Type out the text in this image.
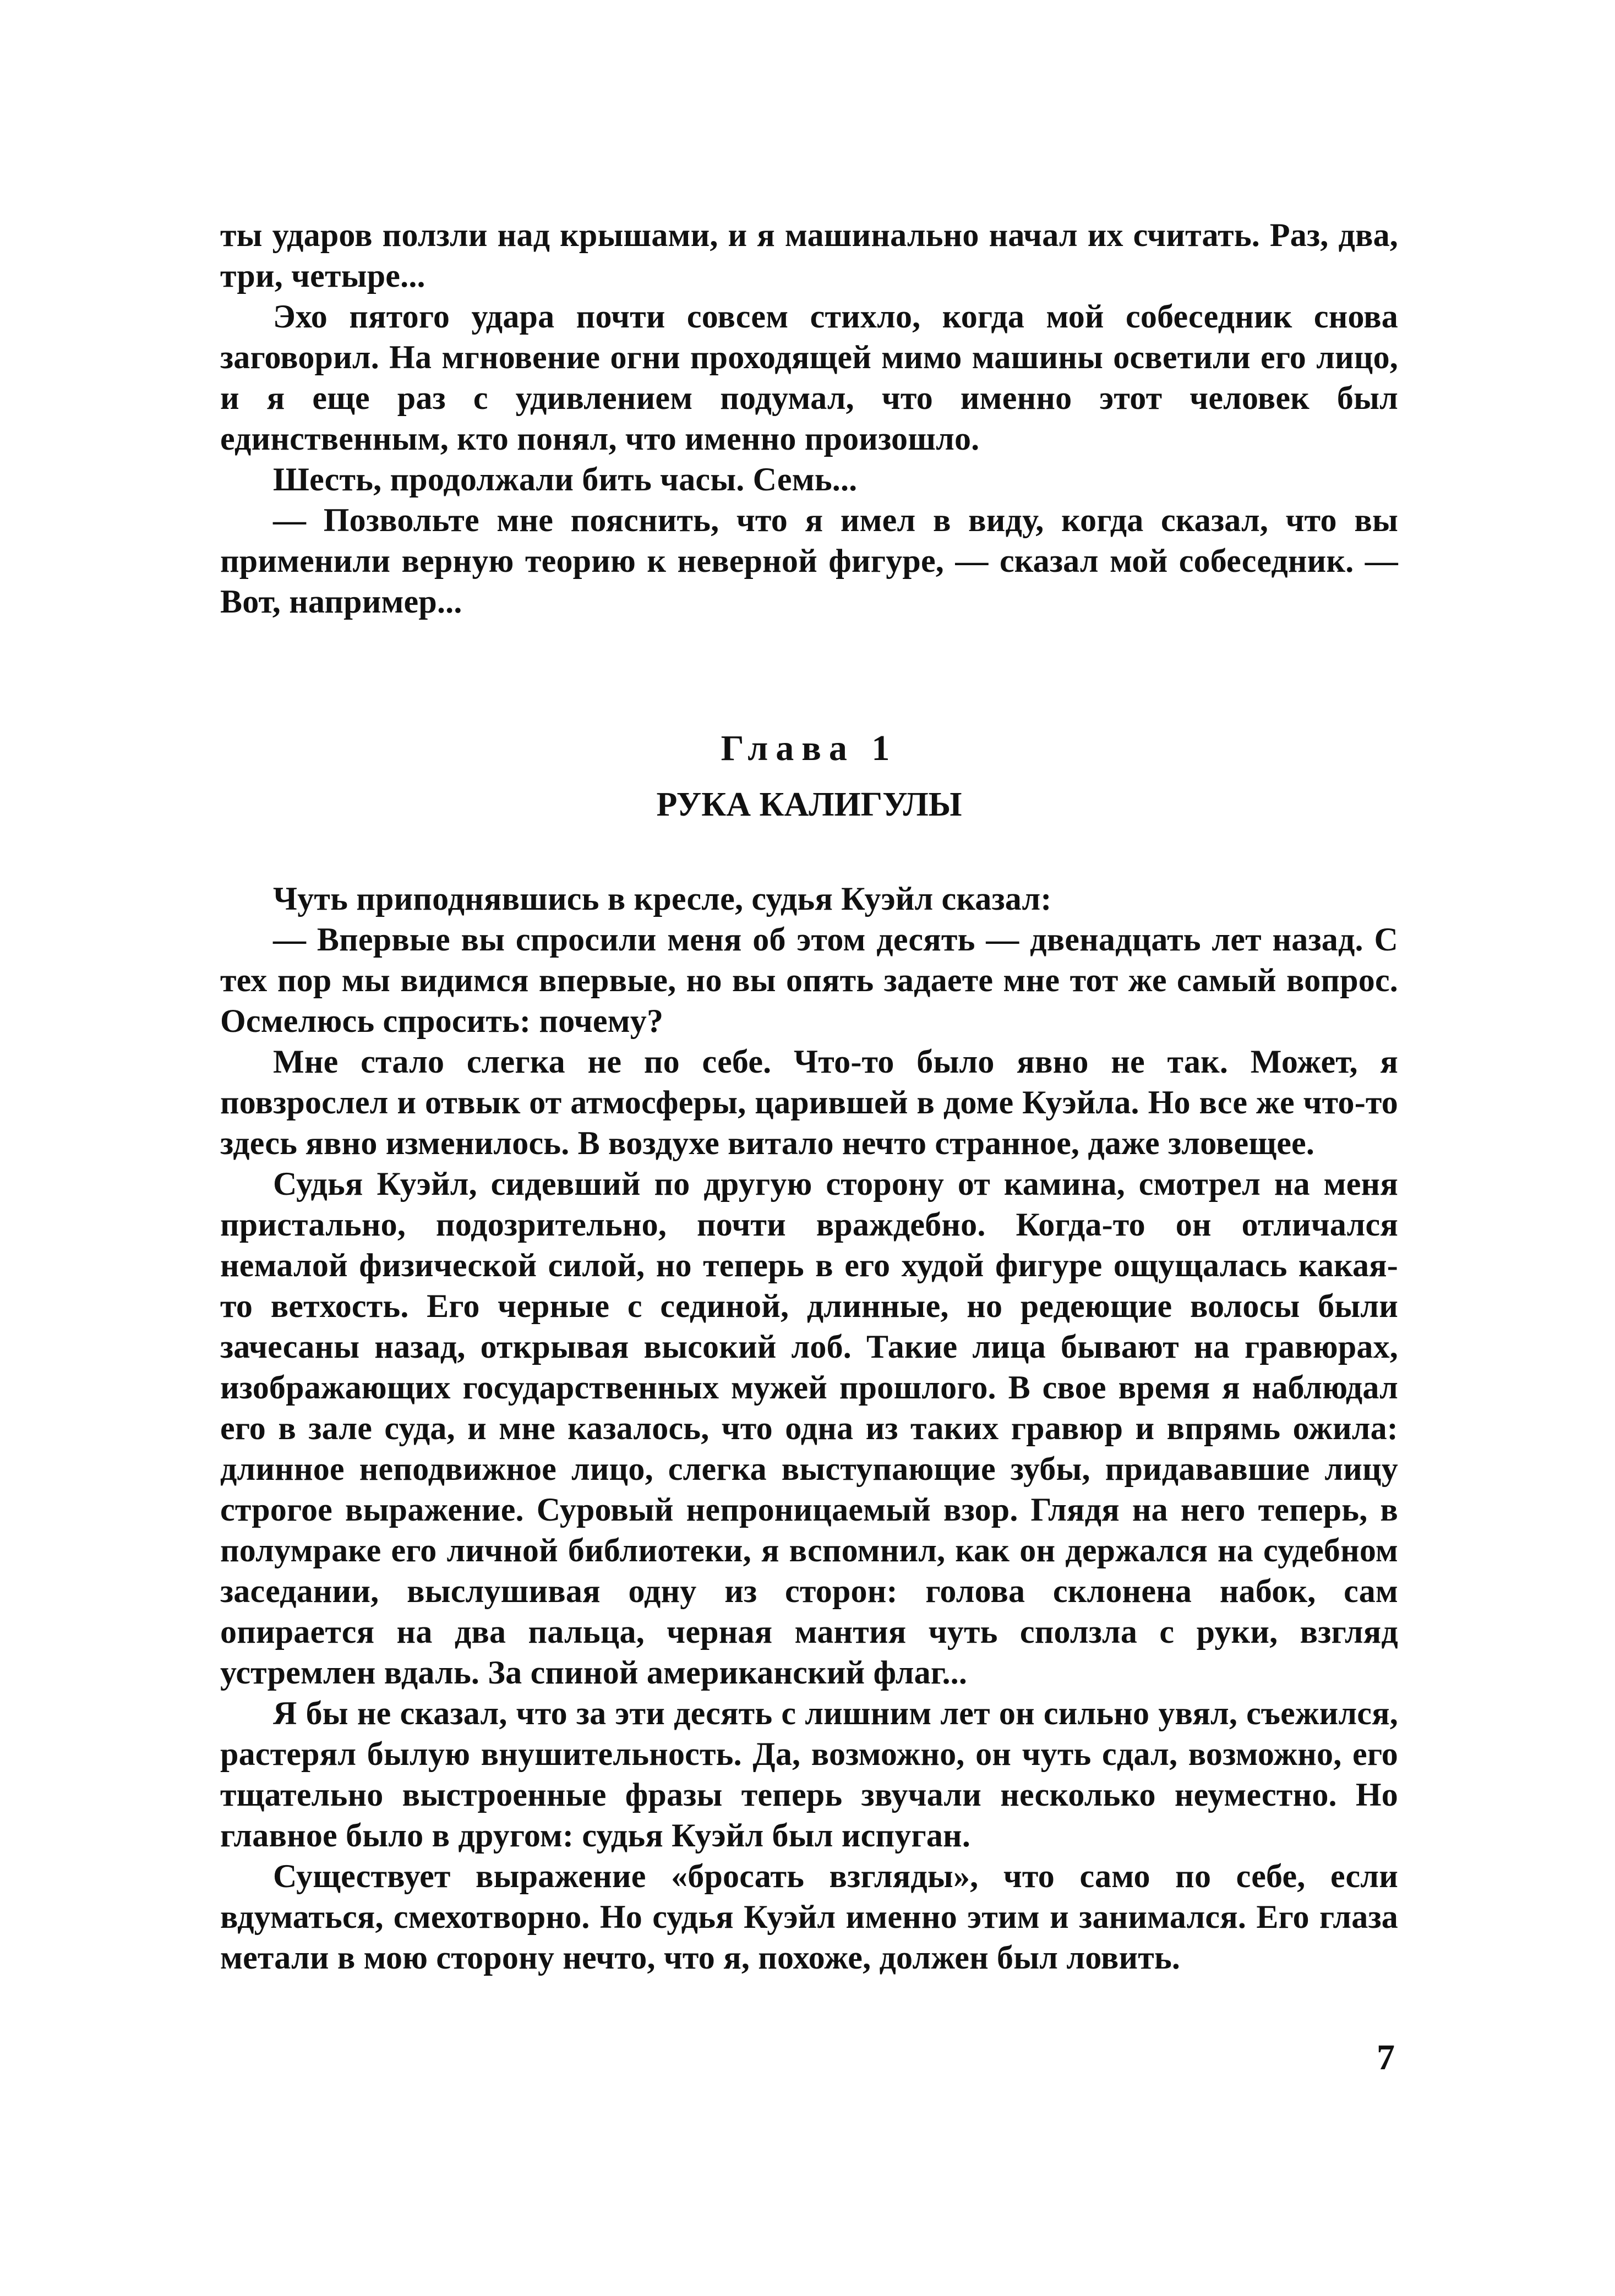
ты ударов ползли над крышами, и я машинально начал их считать. Раз, два, три, четыре...

Эхо пятого удара почти совсем стихло, когда мой собеседник снова заговорил. На мгновение огни проходящей мимо машины осветили его лицо, и я еще раз с удивлением подумал, что именно этот человек был единственным, кто понял, что именно произошло.

Шесть, продолжали бить часы. Семь...

— Позвольте мне пояснить, что я имел в виду, когда сказал, что вы применили верную теорию к неверной фигуре, — сказал мой собеседник. — Вот, например...

Глава 1
РУКА КАЛИГУЛЫ

Чуть приподнявшись в кресле, судья Куэйл сказал:

— Впервые вы спросили меня об этом десять — двенадцать лет назад. С тех пор мы видимся впервые, но вы опять задаете мне тот же самый вопрос. Осмелюсь спросить: почему?

Мне стало слегка не по себе. Что-то было явно не так. Может, я повзрослел и отвык от атмосферы, царившей в доме Куэйла. Но все же что-то здесь явно изменилось. В воздухе витало нечто странное, даже зловещее.

Судья Куэйл, сидевший по другую сторону от камина, смотрел на меня пристально, подозрительно, почти враждебно. Когда-то он отличался немалой физической силой, но теперь в его худой фигуре ощущалась какая-то ветхость. Его черные с сединой, длинные, но редеющие волосы были зачесаны назад, открывая высокий лоб. Такие лица бывают на гравюрах, изображающих государственных мужей прошлого. В свое время я наблюдал его в зале суда, и мне казалось, что одна из таких гравюр и впрямь ожила: длинное неподвижное лицо, слегка выступающие зубы, придававшие лицу строгое выражение. Суровый непроницаемый взор. Глядя на него теперь, в полумраке его личной библиотеки, я вспомнил, как он держался на судебном заседании, выслушивая одну из сторон: голова склонена набок, сам опирается на два пальца, черная мантия чуть сползла с руки, взгляд устремлен вдаль. За спиной американский флаг...

Я бы не сказал, что за эти десять с лишним лет он сильно увял, съежился, растерял былую внушительность. Да, возможно, он чуть сдал, возможно, его тщательно выстроенные фразы теперь звучали несколько неуместно. Но главное было в другом: судья Куэйл был испуган.

Существует выражение «бросать взгляды», что само по себе, если вдуматься, смехотворно. Но судья Куэйл именно этим и занимался. Его глаза метали в мою сторону нечто, что я, похоже, должен был ловить.

7
